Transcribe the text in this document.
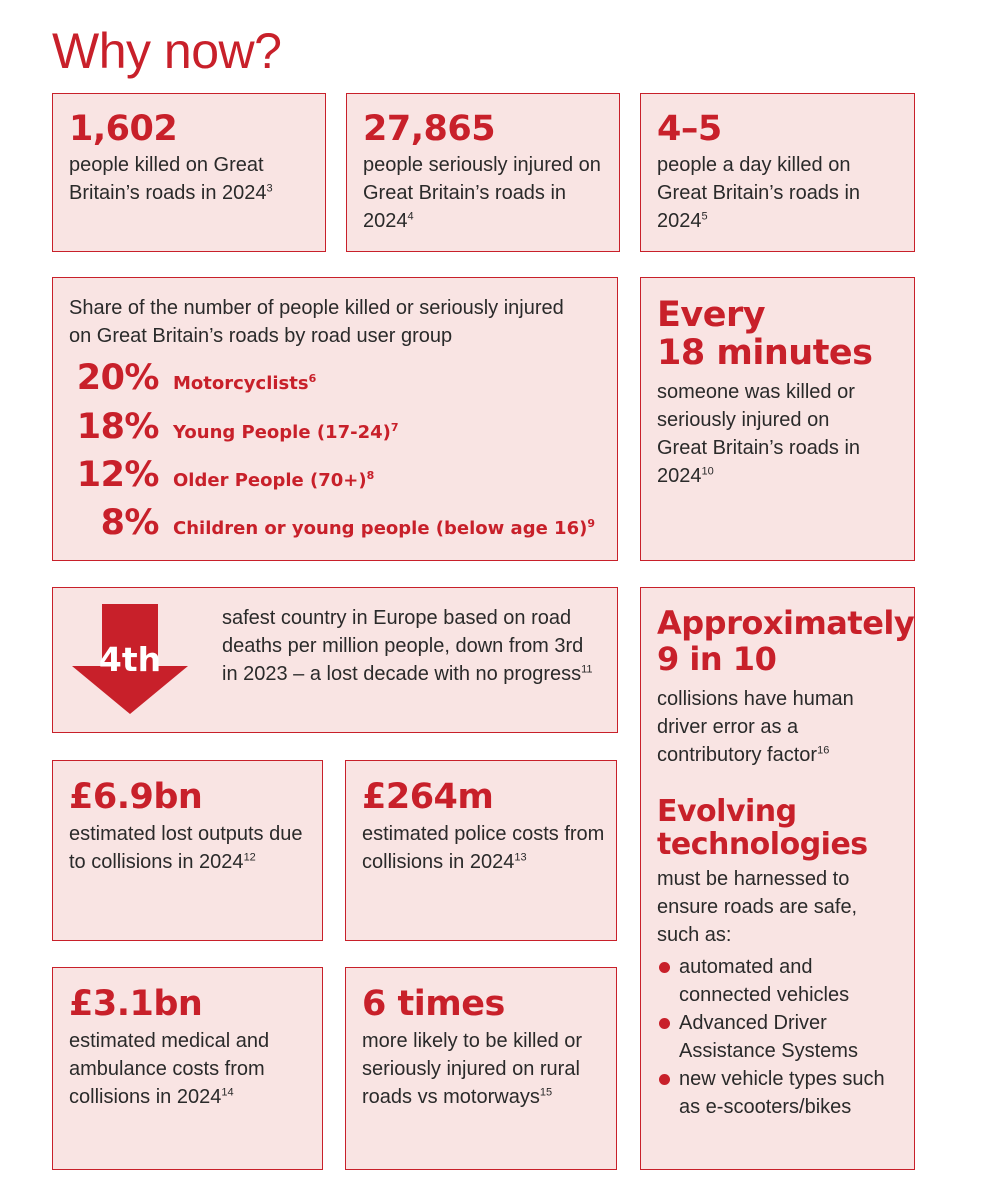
Why now?

1,602

people killed on Great Britain’s roads in 2024$^3$

27,865

people seriously injured on Great Britain’s roads in 2024$^4$

4–5

people a day killed on Great Britain’s roads in 2024$^5$

Share of the number of people killed or seriously injured on Great Britain’s roads by road user group

20% Motorcyclists$^6$
18% Young People $(17-24)^7$
12% Older People $(70+)^8$
8% Children or young people (below age 16)$^9$

Every

18 minutes

someone was killed or seriously injured on Great Britain’s roads in 2024$^{10}$

4th

safest country in Europe based on road deaths per million people, down from 3rd in 2023 – a lost decade with no progress$^{11}$

Approximately

9 in 10

collisions have human driver error as a contributory factor$^{16}$

Evolving

technologies

must be harnessed to ensure roads are safe, such as:

automated and connected vehicles
Advanced Driver Assistance Systems
new vehicle types such as e-scooters/bikes

£6.9bn

estimated lost outputs due to collisions in 2024$^{12}$

£264m

estimated police costs from collisions in 2024$^{13}$

£3.1bn

estimated medical and ambulance costs from collisions in 2024$^{14}$

6 times

more likely to be killed or seriously injured on rural roads vs motorways$^{15}$
